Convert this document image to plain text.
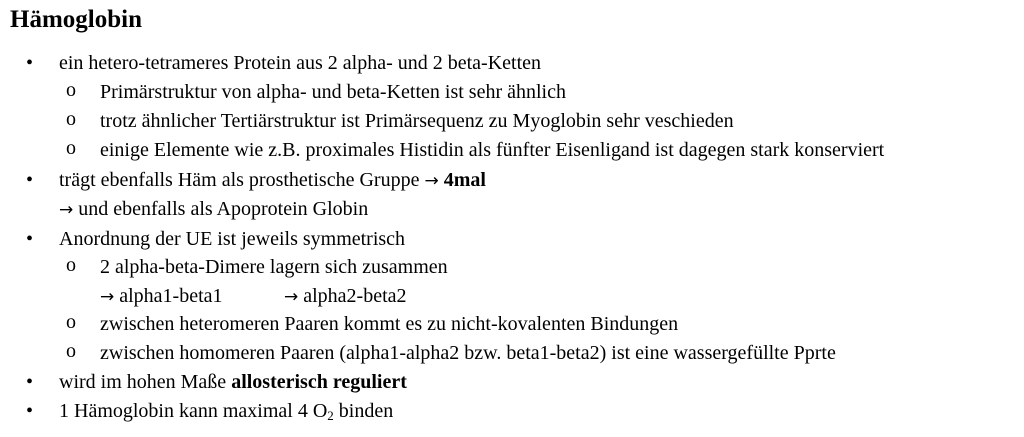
Hämoglobin
• ein hetero-tetrameres Protein aus 2 alpha- und 2 beta-Ketten
o Primärstruktur von alpha- und beta-Ketten ist sehr ähnlich
o trotz ähnlicher Tertiärstruktur ist Primärsequenz zu Myoglobin sehr veschieden
o einige Elemente wie z.B. proximales Histidin als fünfter Eisenligand ist dagegen stark konserviert
• trägt ebenfalls Häm als prosthetische Gruppe → 4mal
→ und ebenfalls als Apoprotein Globin
• Anordnung der UE ist jeweils symmetrisch
o 2 alpha-beta-Dimere lagern sich zusammen
→ alpha1-beta1	→ alpha2-beta2
o zwischen heteromeren Paaren kommt es zu nicht-kovalenten Bindungen
o zwischen homomeren Paaren (alpha1-alpha2 bzw. beta1-beta2) ist eine wassergefüllte Pprte
• wird im hohen Maße allosterisch reguliert
• 1 Hämoglobin kann maximal 4 $O_2$ binden
